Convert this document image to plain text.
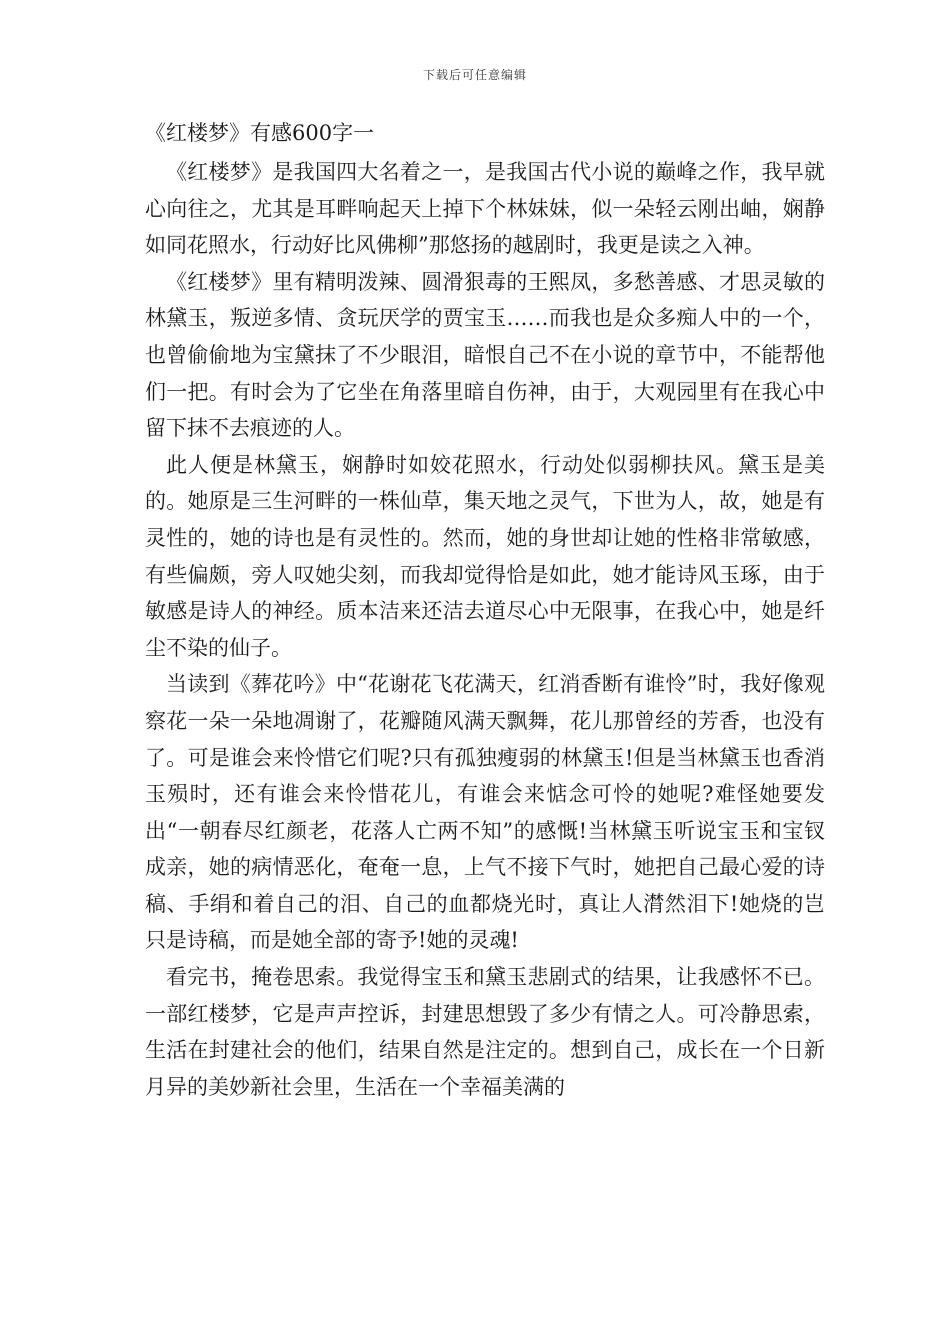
下载后可任意编辑

《红楼梦》有感600字一

《红楼梦》是我国四大名着之一，是我国古代小说的巅峰之作，我早就心向往之，尤其是耳畔响起天上掉下个林妹妹，似一朵轻云刚出岫，娴静如同花照水，行动好比风佛柳”那悠扬的越剧时，我更是读之入神。

《红楼梦》里有精明泼辣、圆滑狠毒的王熙凤，多愁善感、才思灵敏的林黛玉，叛逆多情、贪玩厌学的贾宝玉……而我也是众多痴人中的一个，也曾偷偷地为宝黛抹了不少眼泪，暗恨自己不在小说的章节中，不能帮他们一把。有时会为了它坐在角落里暗自伤神，由于，大观园里有在我心中留下抹不去痕迹的人。

此人便是林黛玉，娴静时如姣花照水，行动处似弱柳扶风。黛玉是美的。她原是三生河畔的一株仙草，集天地之灵气，下世为人，故，她是有灵性的，她的诗也是有灵性的。然而，她的身世却让她的性格非常敏感，有些偏颇，旁人叹她尖刻，而我却觉得恰是如此，她才能诗风玉琢，由于敏感是诗人的神经。质本洁来还洁去道尽心中无限事，在我心中，她是纤尘不染的仙子。

当读到《葬花吟》中“花谢花飞花满天，红消香断有谁怜”时，我好像观察花一朵一朵地凋谢了，花瓣随风满天飘舞，花儿那曾经的芳香，也没有了。可是谁会来怜惜它们呢?只有孤独瘦弱的林黛玉!但是当林黛玉也香消玉殒时，还有谁会来怜惜花儿，有谁会来惦念可怜的她呢?难怪她要发出“一朝春尽红颜老，花落人亡两不知”的感慨!当林黛玉听说宝玉和宝钗成亲，她的病情恶化，奄奄一息，上气不接下气时，她把自己最心爱的诗稿、手绢和着自己的泪、自己的血都烧光时，真让人潸然泪下!她烧的岂只是诗稿，而是她全部的寄予!她的灵魂!

看完书，掩卷思索。我觉得宝玉和黛玉悲剧式的结果，让我感怀不已。一部红楼梦，它是声声控诉，封建思想毁了多少有情之人。可冷静思索，生活在封建社会的他们，结果自然是注定的。想到自己，成长在一个日新月异的美妙新社会里，生活在一个幸福美满的
